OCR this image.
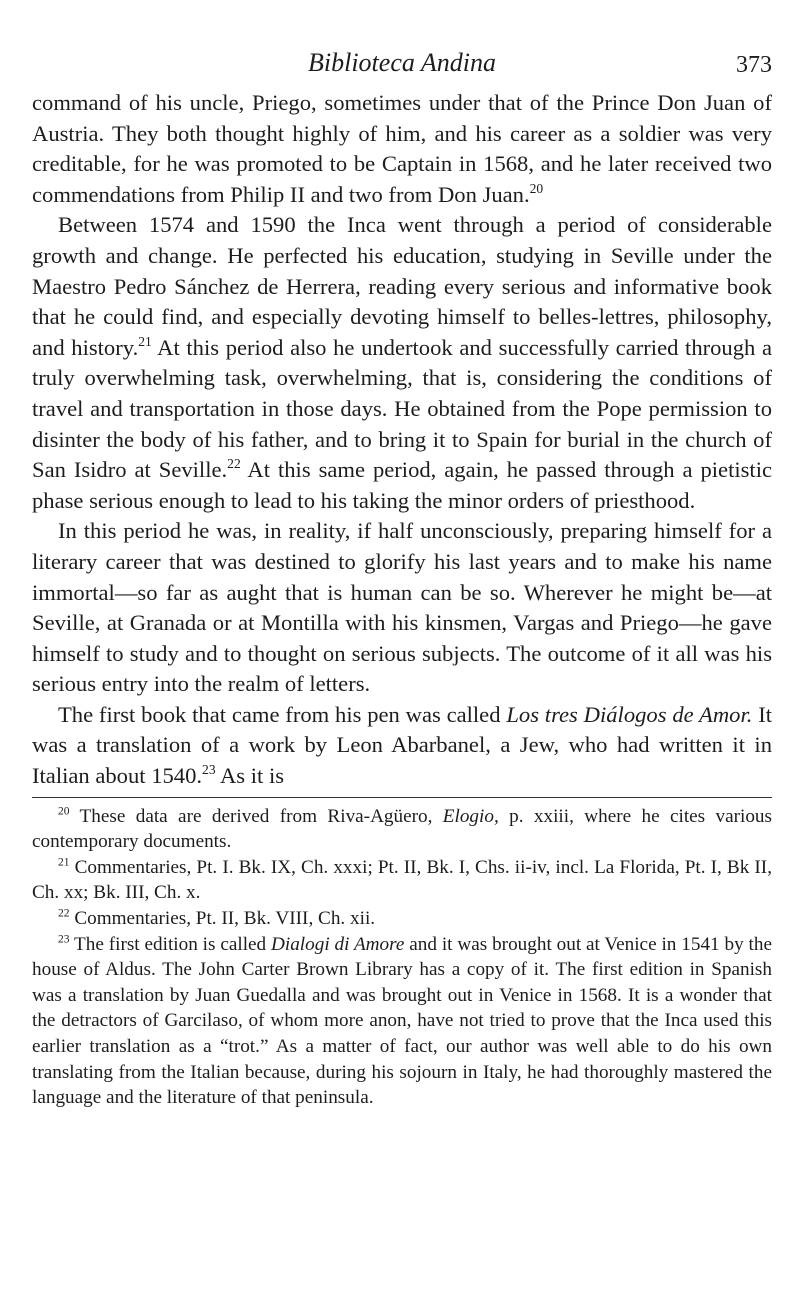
Biblioteca Andina	373

command of his uncle, Priego, sometimes under that of the Prince Don Juan of Austria. They both thought highly of him, and his career as a soldier was very creditable, for he was promoted to be Captain in 1568, and he later received two commendations from Philip II and two from Don Juan.$^{20}$

Between 1574 and 1590 the Inca went through a period of considerable growth and change. He perfected his education, studying in Seville under the Maestro Pedro Sánchez de Herrera, reading every serious and informative book that he could find, and especially devoting himself to belles-lettres, philosophy, and history.$^{21}$ At this period also he undertook and successfully carried through a truly overwhelming task, overwhelming, that is, considering the conditions of travel and transportation in those days. He obtained from the Pope permission to disinter the body of his father, and to bring it to Spain for burial in the church of San Isidro at Seville.$^{22}$ At this same period, again, he passed through a pietistic phase serious enough to lead to his taking the minor orders of priesthood.

In this period he was, in reality, if half unconsciously, preparing himself for a literary career that was destined to glorify his last years and to make his name immortal—so far as aught that is human can be so. Wherever he might be—at Seville, at Granada or at Montilla with his kinsmen, Vargas and Priego—he gave himself to study and to thought on serious subjects. The outcome of it all was his serious entry into the realm of letters.

The first book that came from his pen was called Los tres Diálogos de Amor. It was a translation of a work by Leon Abarbanel, a Jew, who had written it in Italian about 1540.23 As it is

$^{20}$ These data are derived from Riva-Agüero, Elogio, p. xxiii, where he cites various contemporary documents.

$^{21}$ Commentaries, Pt. I. Bk. IX, Ch. xxxi; Pt. II, Bk. I, Chs. ii-iv, incl. La Florida, Pt. I, Bk II, Ch. xx; Bk. III, Ch. x.

$^{22}$ Commentaries, Pt. II, Bk. VIII, Ch. xii.

$^{23}$ The first edition is called Dialogi di Amore and it was brought out at Venice in 1541 by the house of Aldus. The John Carter Brown Library has a copy of it. The first edition in Spanish was a translation by Juan Guedalla and was brought out in Venice in 1568. It is a wonder that the detractors of Garcilaso, of whom more anon, have not tried to prove that the Inca used this earlier translation as a “trot.” As a matter of fact, our author was well able to do his own translating from the Italian because, during his sojourn in Italy, he had thoroughly mastered the language and the literature of that peninsula.
